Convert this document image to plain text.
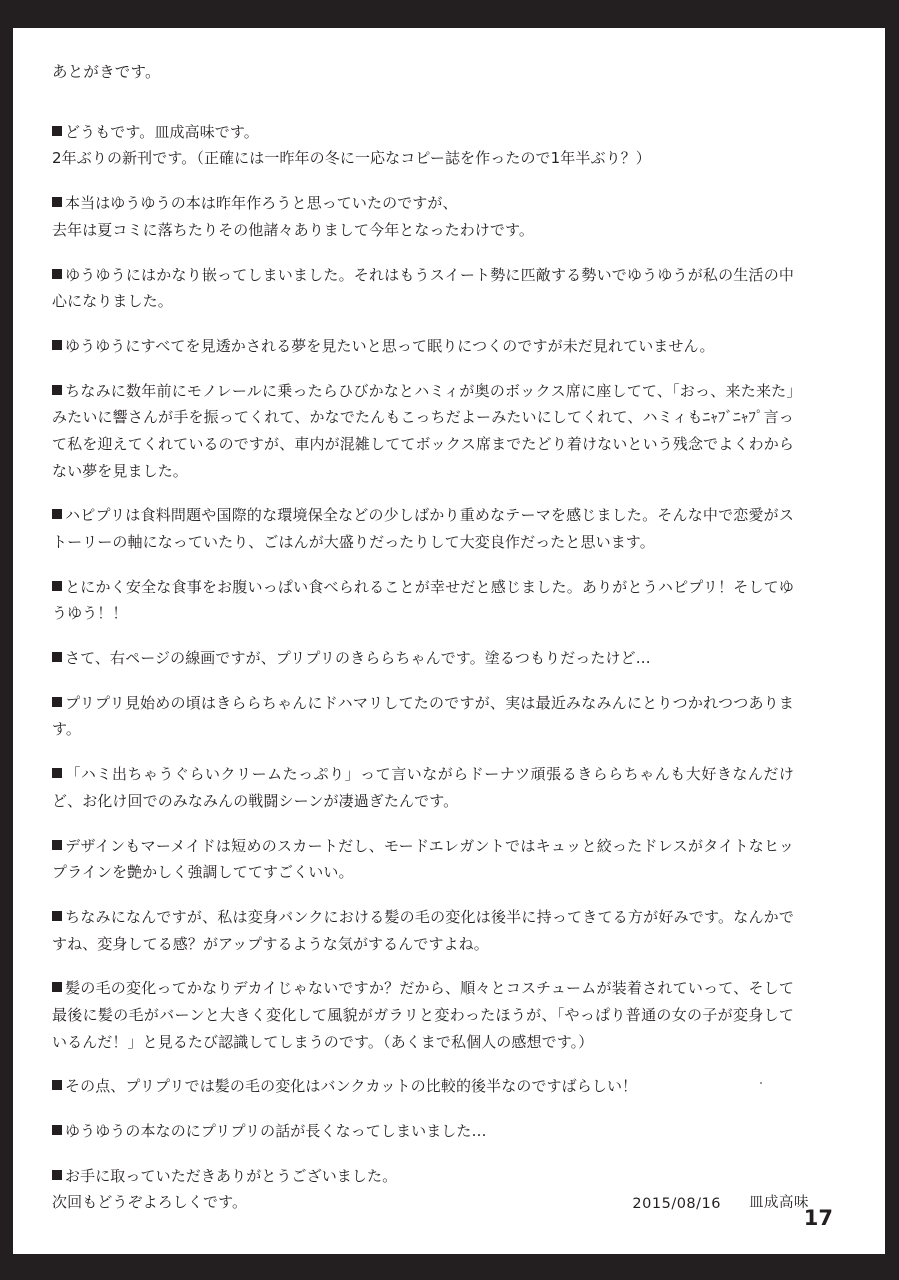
あとがきです。

どうもです。皿成高味です。
2年ぶりの新刊です。（正確には一昨年の冬に一応なコピー誌を作ったので1年半ぶり？）

本当はゆうゆうの本は昨年作ろうと思っていたのですが、
去年は夏コミに落ちたりその他諸々ありまして今年となったわけです。

ゆうゆうにはかなり嵌ってしまいました。それはもうスイート勢に匹敵する勢いでゆうゆうが私の生活の中心になりました。

ゆうゆうにすべてを見透かされる夢を見たいと思って眠りにつくのですが未だ見れていません。

ちなみに数年前にモノレールに乗ったらひびかなとハミィが奥のボックス席に座してて、「おっ、来た来た」みたいに響さんが手を振ってくれて、かなでたんもこっちだよーみたいにしてくれて、ハミィもﾆｬﾌﾞﾆｬﾌﾟ言って私を迎えてくれているのですが、車内が混雑しててボックス席までたどり着けないという残念でよくわからない夢を見ました。

ハピプリは食料問題や国際的な環境保全などの少しばかり重めなテーマを感じました。そんな中で恋愛がストーリーの軸になっていたり、ごはんが大盛りだったりして大変良作だったと思います。

とにかく安全な食事をお腹いっぱい食べられることが幸せだと感じました。ありがとうハピプリ！そしてゆうゆう！！

さて、右ページの線画ですが、プリプリのきららちゃんです。塗るつもりだったけど…

プリプリ見始めの頃はきららちゃんにドハマリしてたのですが、実は最近みなみんにとりつかれつつあります。

「ハミ出ちゃうぐらいクリームたっぷり」って言いながらドーナツ頑張るきららちゃんも大好きなんだけど、お化け回でのみなみんの戦闘シーンが凄過ぎたんです。

デザインもマーメイドは短めのスカートだし、モードエレガントではキュッと絞ったドレスがタイトなヒップラインを艶かしく強調しててすごくいい。

ちなみになんですが、私は変身バンクにおける髪の毛の変化は後半に持ってきてる方が好みです。なんかですね、変身してる感？がアップするような気がするんですよね。

髪の毛の変化ってかなりデカイじゃないですか？だから、順々とコスチュームが装着されていって、そして最後に髪の毛がバーンと大きく変化して風貌がガラリと変わったほうが、「やっぱり普通の女の子が変身しているんだ！」と見るたび認識してしまうのです。（あくまで私個人の感想です。）

その点、プリプリでは髪の毛の変化はバンクカットの比較的後半なのですばらしい！

ゆうゆうの本なのにプリプリの話が長くなってしまいました…

お手に取っていただきありがとうございました。
次回もどうぞよろしくです。	2015/08/16 皿成高味
17
